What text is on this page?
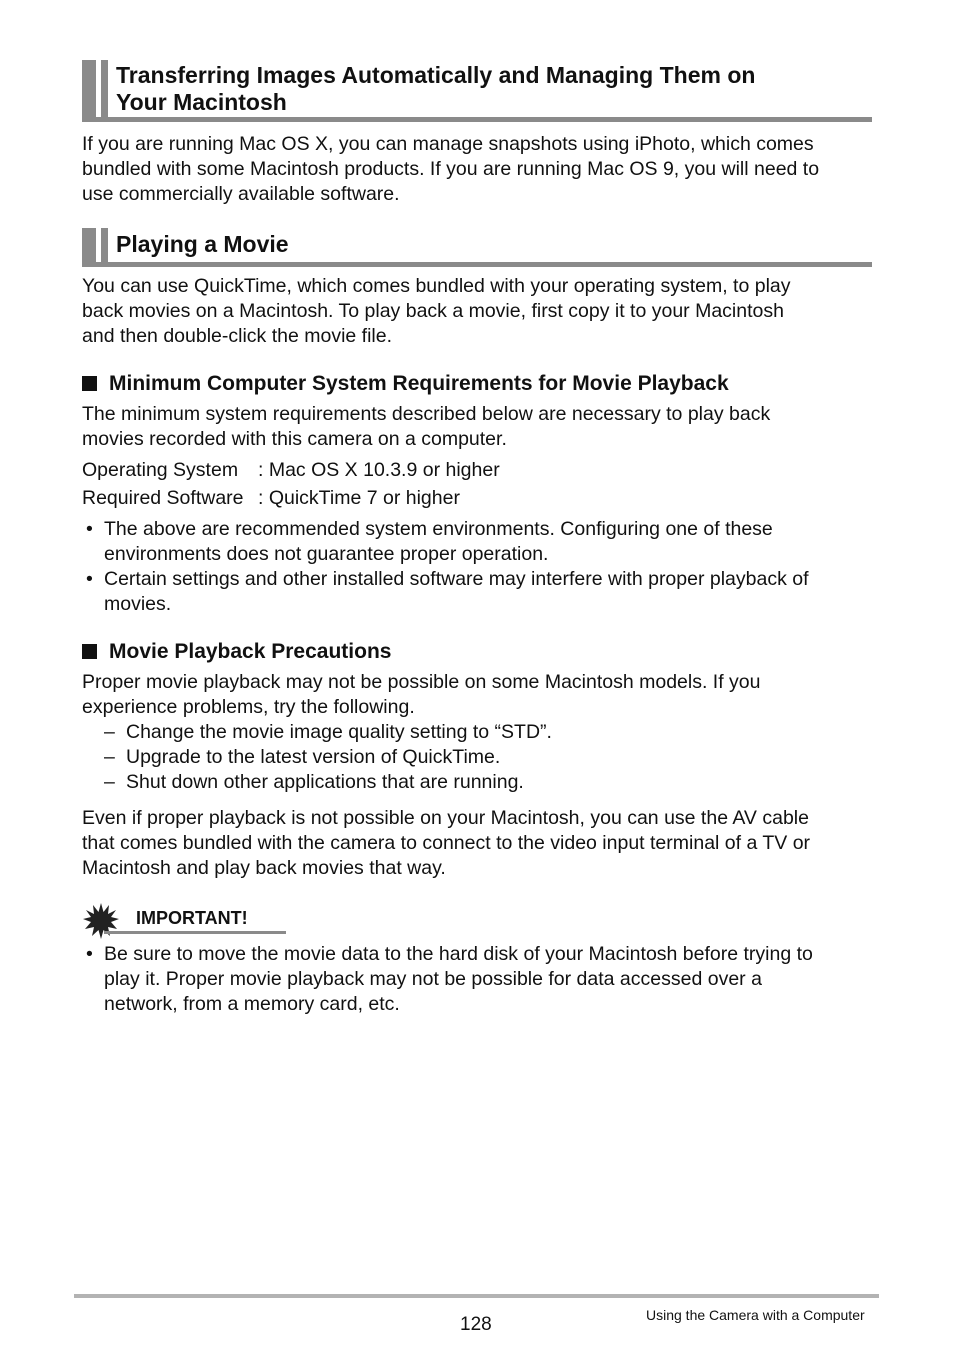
Transferring Images Automatically and Managing Them on
Your Macintosh
If you are running Mac OS X, you can manage snapshots using iPhoto, which comes
bundled with some Macintosh products. If you are running Mac OS 9, you will need to
use commercially available software.
Playing a Movie
You can use QuickTime, which comes bundled with your operating system, to play
back movies on a Macintosh. To play back a movie, first copy it to your Macintosh
and then double-click the movie file.
Minimum Computer System Requirements for Movie Playback
The minimum system requirements described below are necessary to play back
movies recorded with this camera on a computer.
Operating System : Mac OS X 10.3.9 or higher
Required Software : QuickTime 7 or higher
• The above are recommended system environments. Configuring one of these
environments does not guarantee proper operation.
• Certain settings and other installed software may interfere with proper playback of
movies.
Movie Playback Precautions
Proper movie playback may not be possible on some Macintosh models. If you
experience problems, try the following.
– Change the movie image quality setting to “STD”.
– Upgrade to the latest version of QuickTime.
– Shut down other applications that are running.
Even if proper playback is not possible on your Macintosh, you can use the AV cable
that comes bundled with the camera to connect to the video input terminal of a TV or
Macintosh and play back movies that way.
IMPORTANT!
• Be sure to move the movie data to the hard disk of your Macintosh before trying to
play it. Proper movie playback may not be possible for data accessed over a
network, from a memory card, etc.
128	Using the Camera with a Computer
